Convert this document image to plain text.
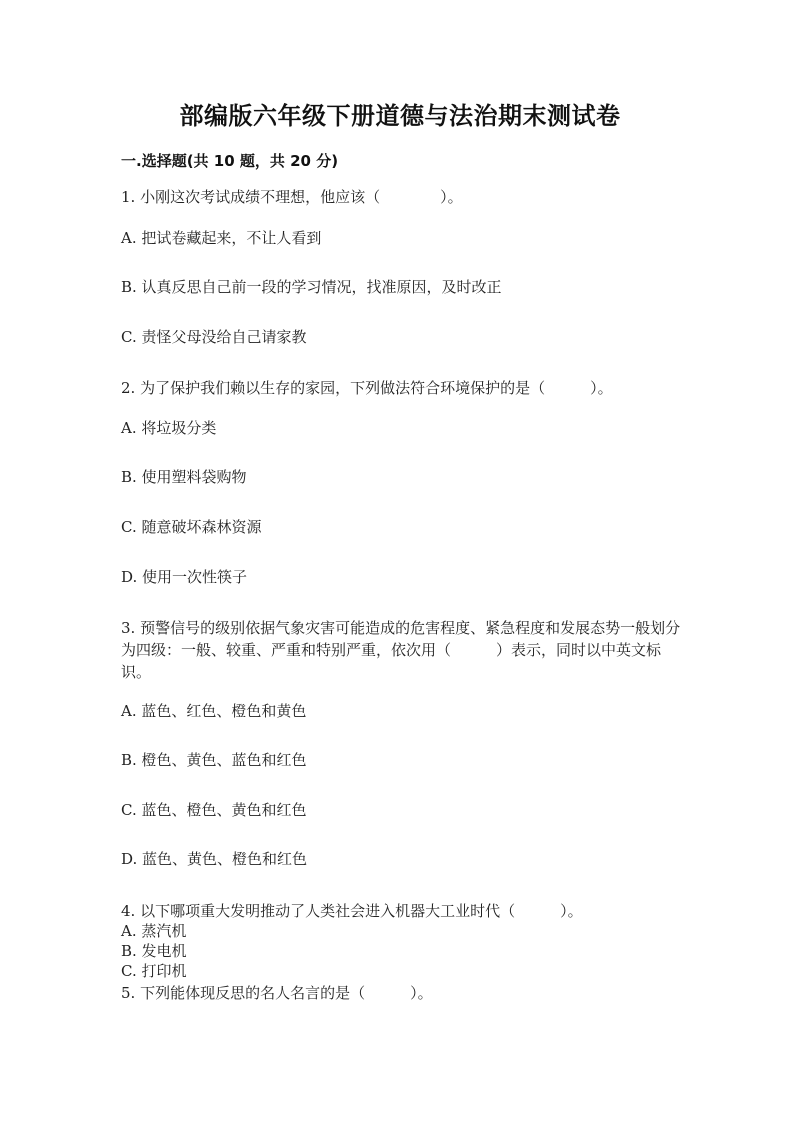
部编版六年级下册道德与法治期末测试卷
一.选择题(共 10 题，共 20 分)
1. 小刚这次考试成绩不理想，他应该（　　　　）。
A. 把试卷藏起来，不让人看到
B. 认真反思自己前一段的学习情况，找准原因，及时改正
C. 责怪父母没给自己请家教
2. 为了保护我们赖以生存的家园，下列做法符合环境保护的是（　　　）。
A. 将垃圾分类
B. 使用塑料袋购物
C. 随意破坏森林资源
D. 使用一次性筷子
3. 预警信号的级别依据气象灾害可能造成的危害程度、紧急程度和发展态势一般划分为四级：一般、较重、严重和特别严重，依次用（　　　）表示，同时以中英文标识。
A. 蓝色、红色、橙色和黄色
B. 橙色、黄色、蓝色和红色
C. 蓝色、橙色、黄色和红色
D. 蓝色、黄色、橙色和红色
4. 以下哪项重大发明推动了人类社会进入机器大工业时代（　　　）。
A. 蒸汽机
B. 发电机
C. 打印机
5. 下列能体现反思的名人名言的是（　　　）。
